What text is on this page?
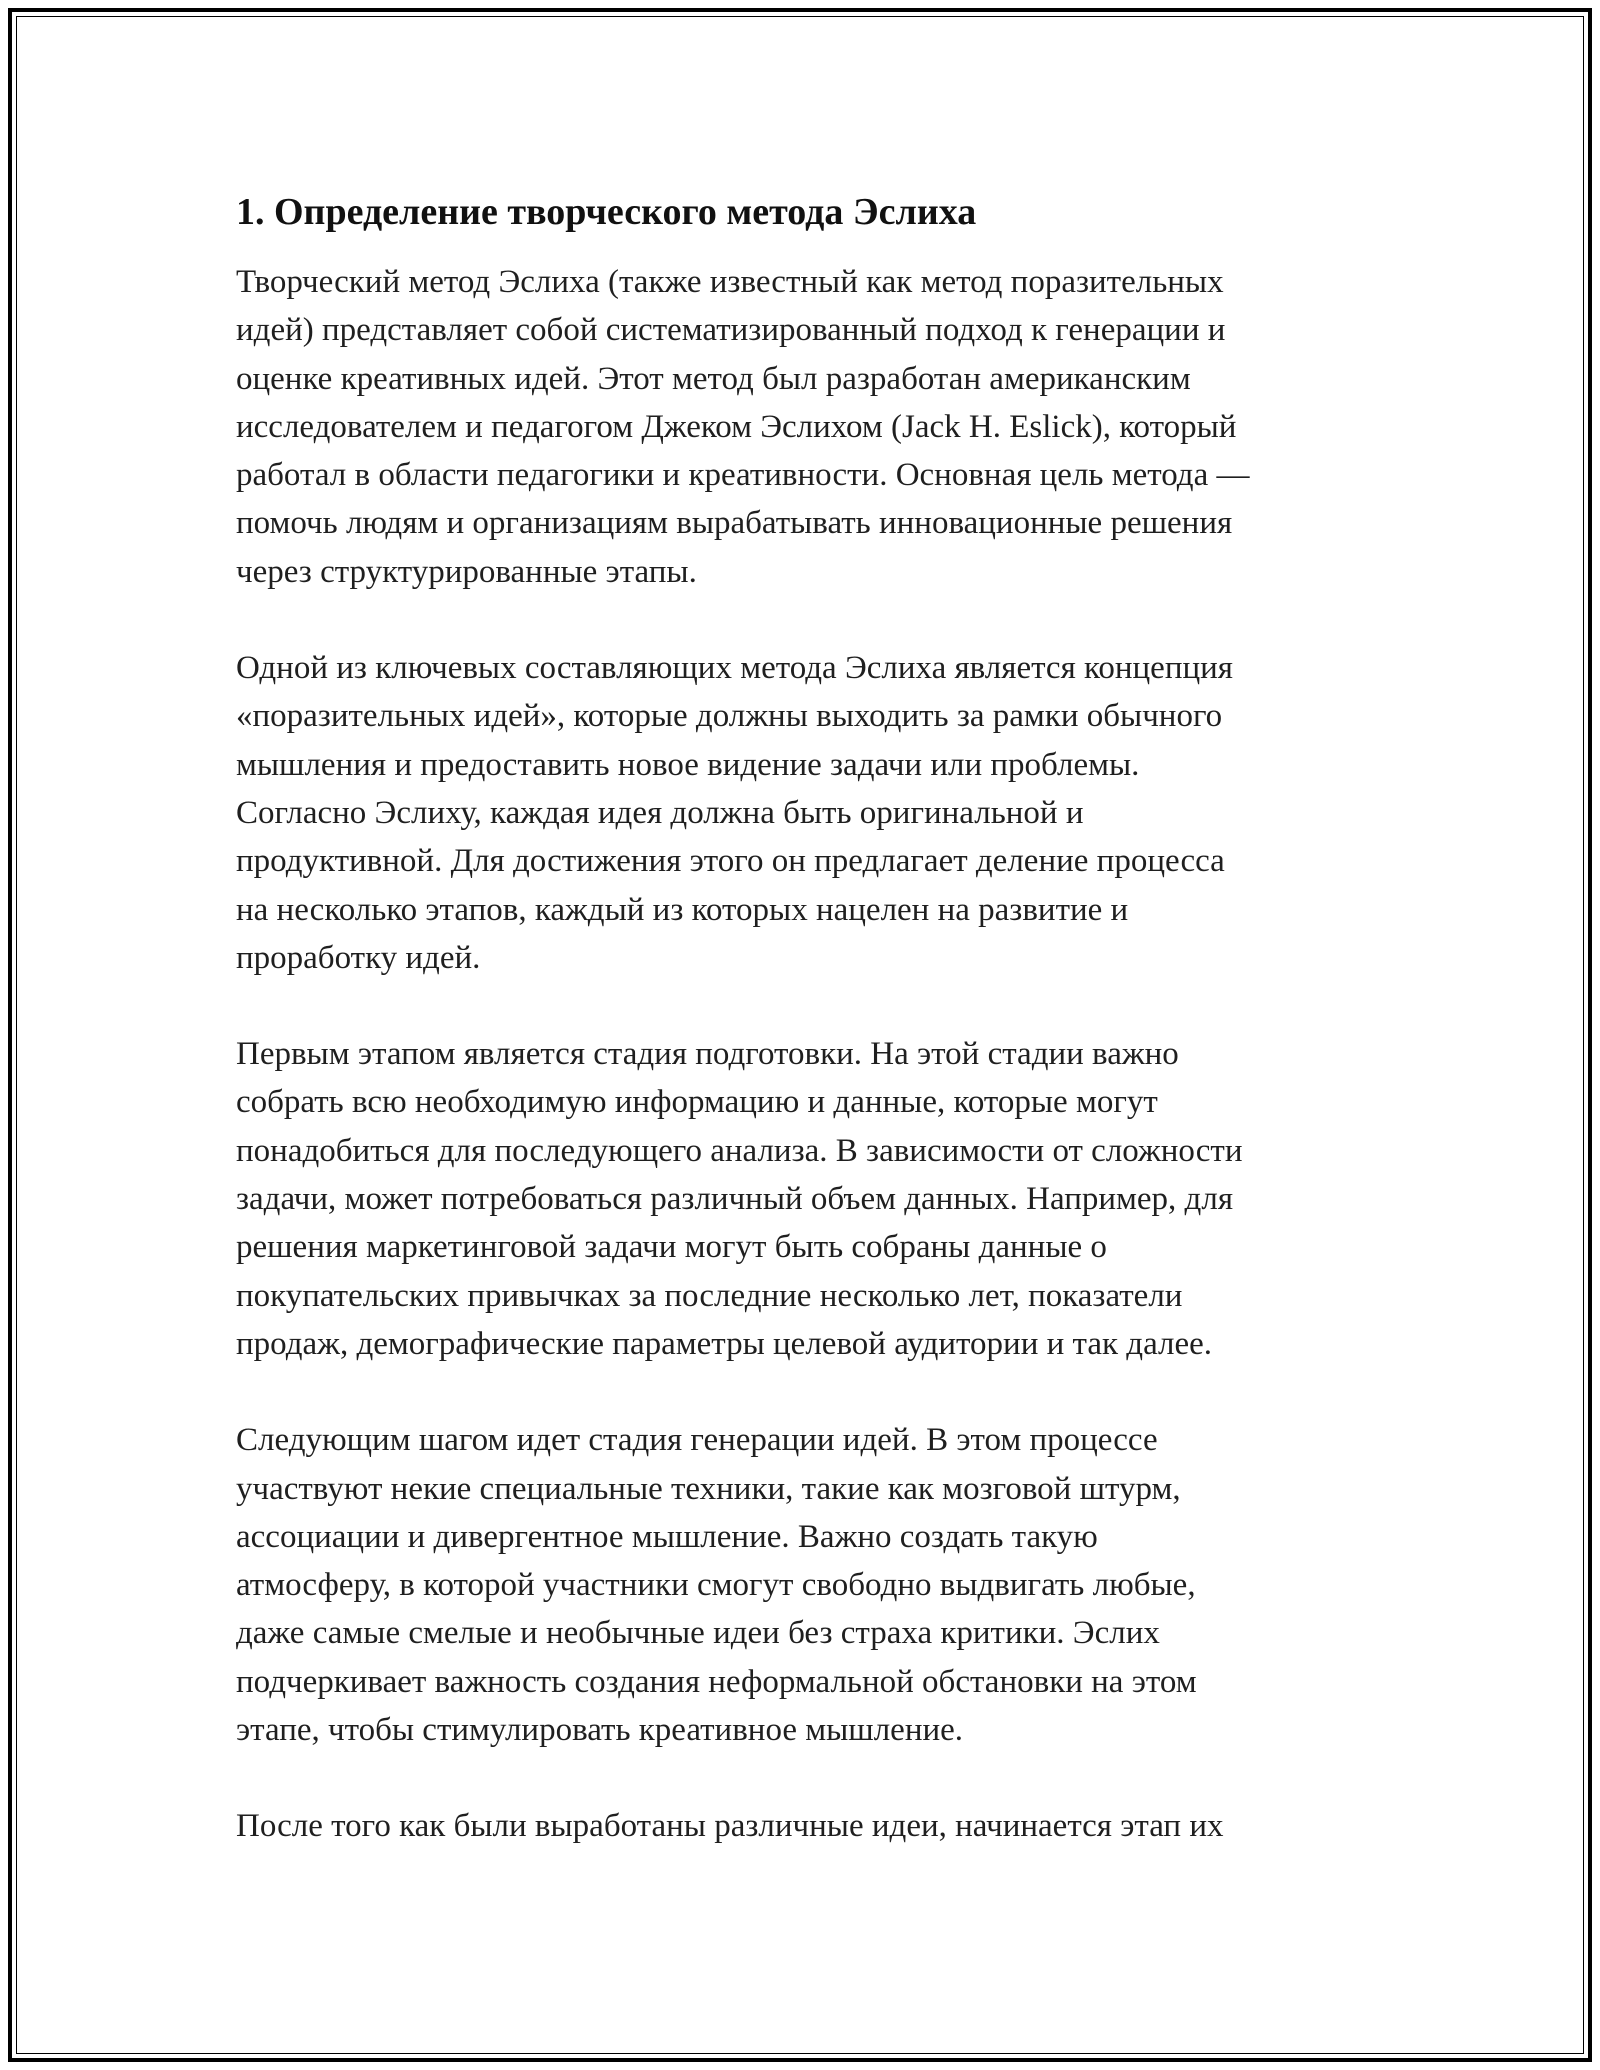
1. Определение творческого метода Эслиха

Творческий метод Эслиха (также известный как метод поразительных
идей) представляет собой систематизированный подход к генерации и
оценке креативных идей. Этот метод был разработан американским
исследователем и педагогом Джеком Эслихом (Jack H. Eslick), который
работал в области педагогики и креативности. Основная цель метода —
помочь людям и организациям вырабатывать инновационные решения
через структурированные этапы.

Одной из ключевых составляющих метода Эслиха является концепция
«поразительных идей», которые должны выходить за рамки обычного
мышления и предоставить новое видение задачи или проблемы.
Согласно Эслиху, каждая идея должна быть оригинальной и
продуктивной. Для достижения этого он предлагает деление процесса
на несколько этапов, каждый из которых нацелен на развитие и
проработку идей.

Первым этапом является стадия подготовки. На этой стадии важно
собрать всю необходимую информацию и данные, которые могут
понадобиться для последующего анализа. В зависимости от сложности
задачи, может потребоваться различный объем данных. Например, для
решения маркетинговой задачи могут быть собраны данные о
покупательских привычках за последние несколько лет, показатели
продаж, демографические параметры целевой аудитории и так далее.

Следующим шагом идет стадия генерации идей. В этом процессе
участвуют некие специальные техники, такие как мозговой штурм,
ассоциации и дивергентное мышление. Важно создать такую
атмосферу, в которой участники смогут свободно выдвигать любые,
даже самые смелые и необычные идеи без страха критики. Эслих
подчеркивает важность создания неформальной обстановки на этом
этапе, чтобы стимулировать креативное мышление.

После того как были выработаны различные идеи, начинается этап их
